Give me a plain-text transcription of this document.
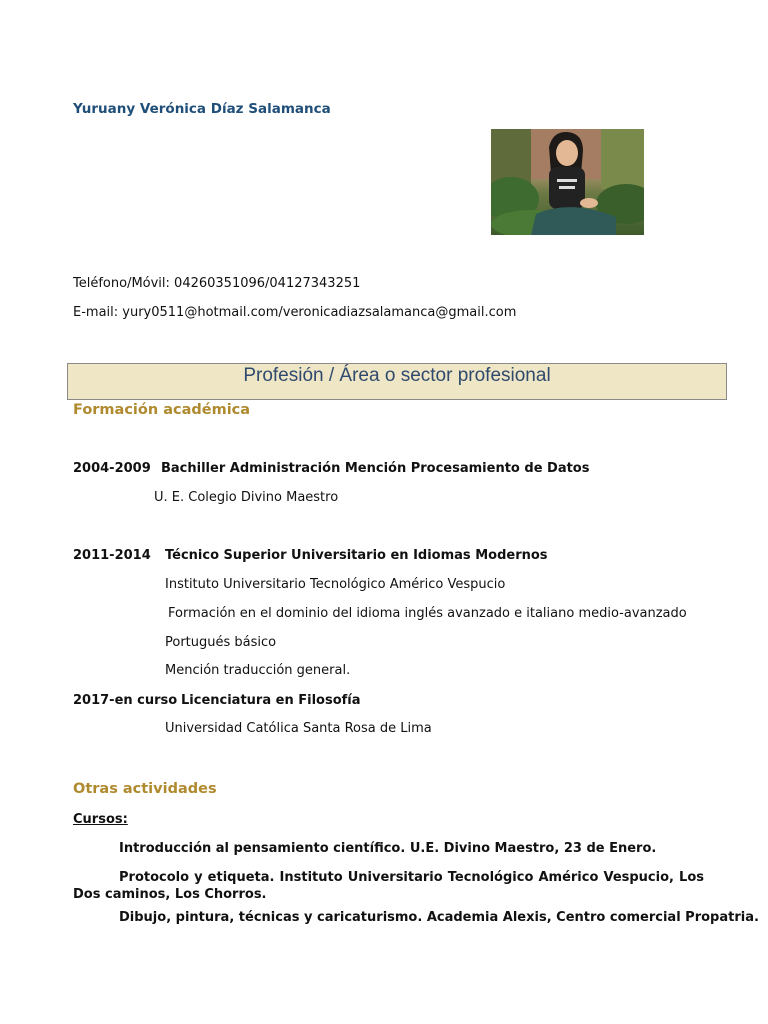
Yuruany Verónica Díaz Salamanca
Teléfono/Móvil: 04260351096/04127343251
E-mail: yury0511@hotmail.com/veronicadiazsalamanca@gmail.com
Profesión / Área o sector profesional
Formación académica
2004-2009 Bachiller Administración Mención Procesamiento de Datos
U. E. Colegio Divino Maestro
2011-2014 Técnico Superior Universitario en Idiomas Modernos
Instituto Universitario Tecnológico Américo Vespucio
Formación en el dominio del idioma inglés avanzado e italiano medio-avanzado
Portugués básico
Mención traducción general.
2017-en curso Licenciatura en Filosofía
Universidad Católica Santa Rosa de Lima
Otras actividades
Cursos:
Introducción al pensamiento científico. U.E. Divino Maestro, 23 de Enero.
Protocolo y etiqueta. Instituto Universitario Tecnológico Américo Vespucio, Los Dos caminos, Los Chorros.
Dibujo, pintura, técnicas y caricaturismo. Academia Alexis, Centro comercial Propatria.
